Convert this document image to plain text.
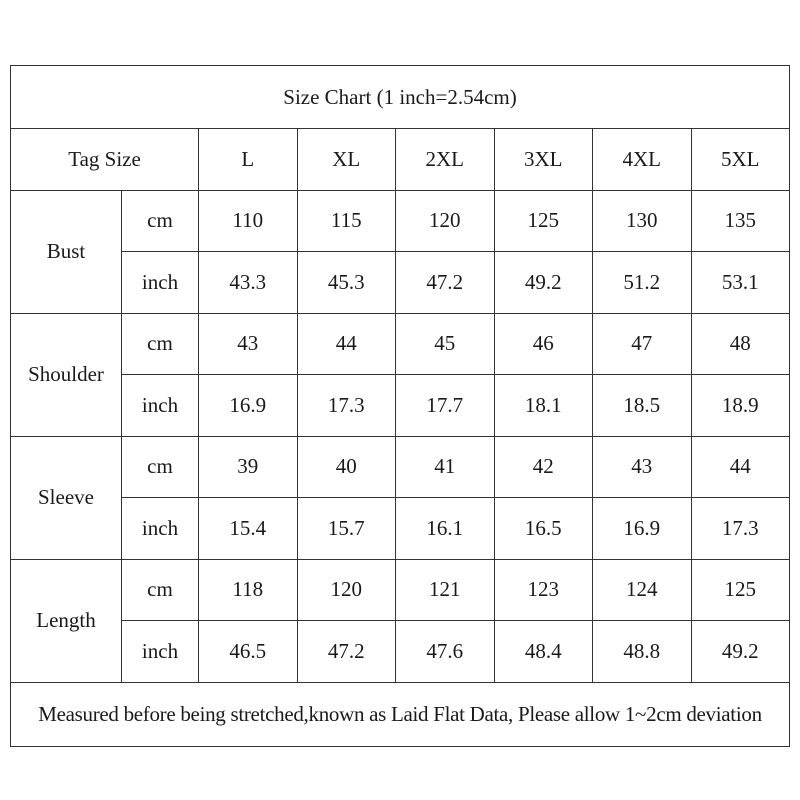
Size Chart (1 inch=2.54cm)							
Tag Size		L	XL	2XL	3XL	4XL	5XL
Bust	cm	110	115	120	125	130	135
	inch	43.3	45.3	47.2	49.2	51.2	53.1
Shoulder	cm	43	44	45	46	47	48
	inch	16.9	17.3	17.7	18.1	18.5	18.9
Sleeve	cm	39	40	41	42	43	44
	inch	15.4	15.7	16.1	16.5	16.9	17.3
Length	cm	118	120	121	123	124	125
	inch	46.5	47.2	47.6	48.4	48.8	49.2
Measured before being stretched,known as Laid Flat Data, Please allow 1~2cm deviation							
